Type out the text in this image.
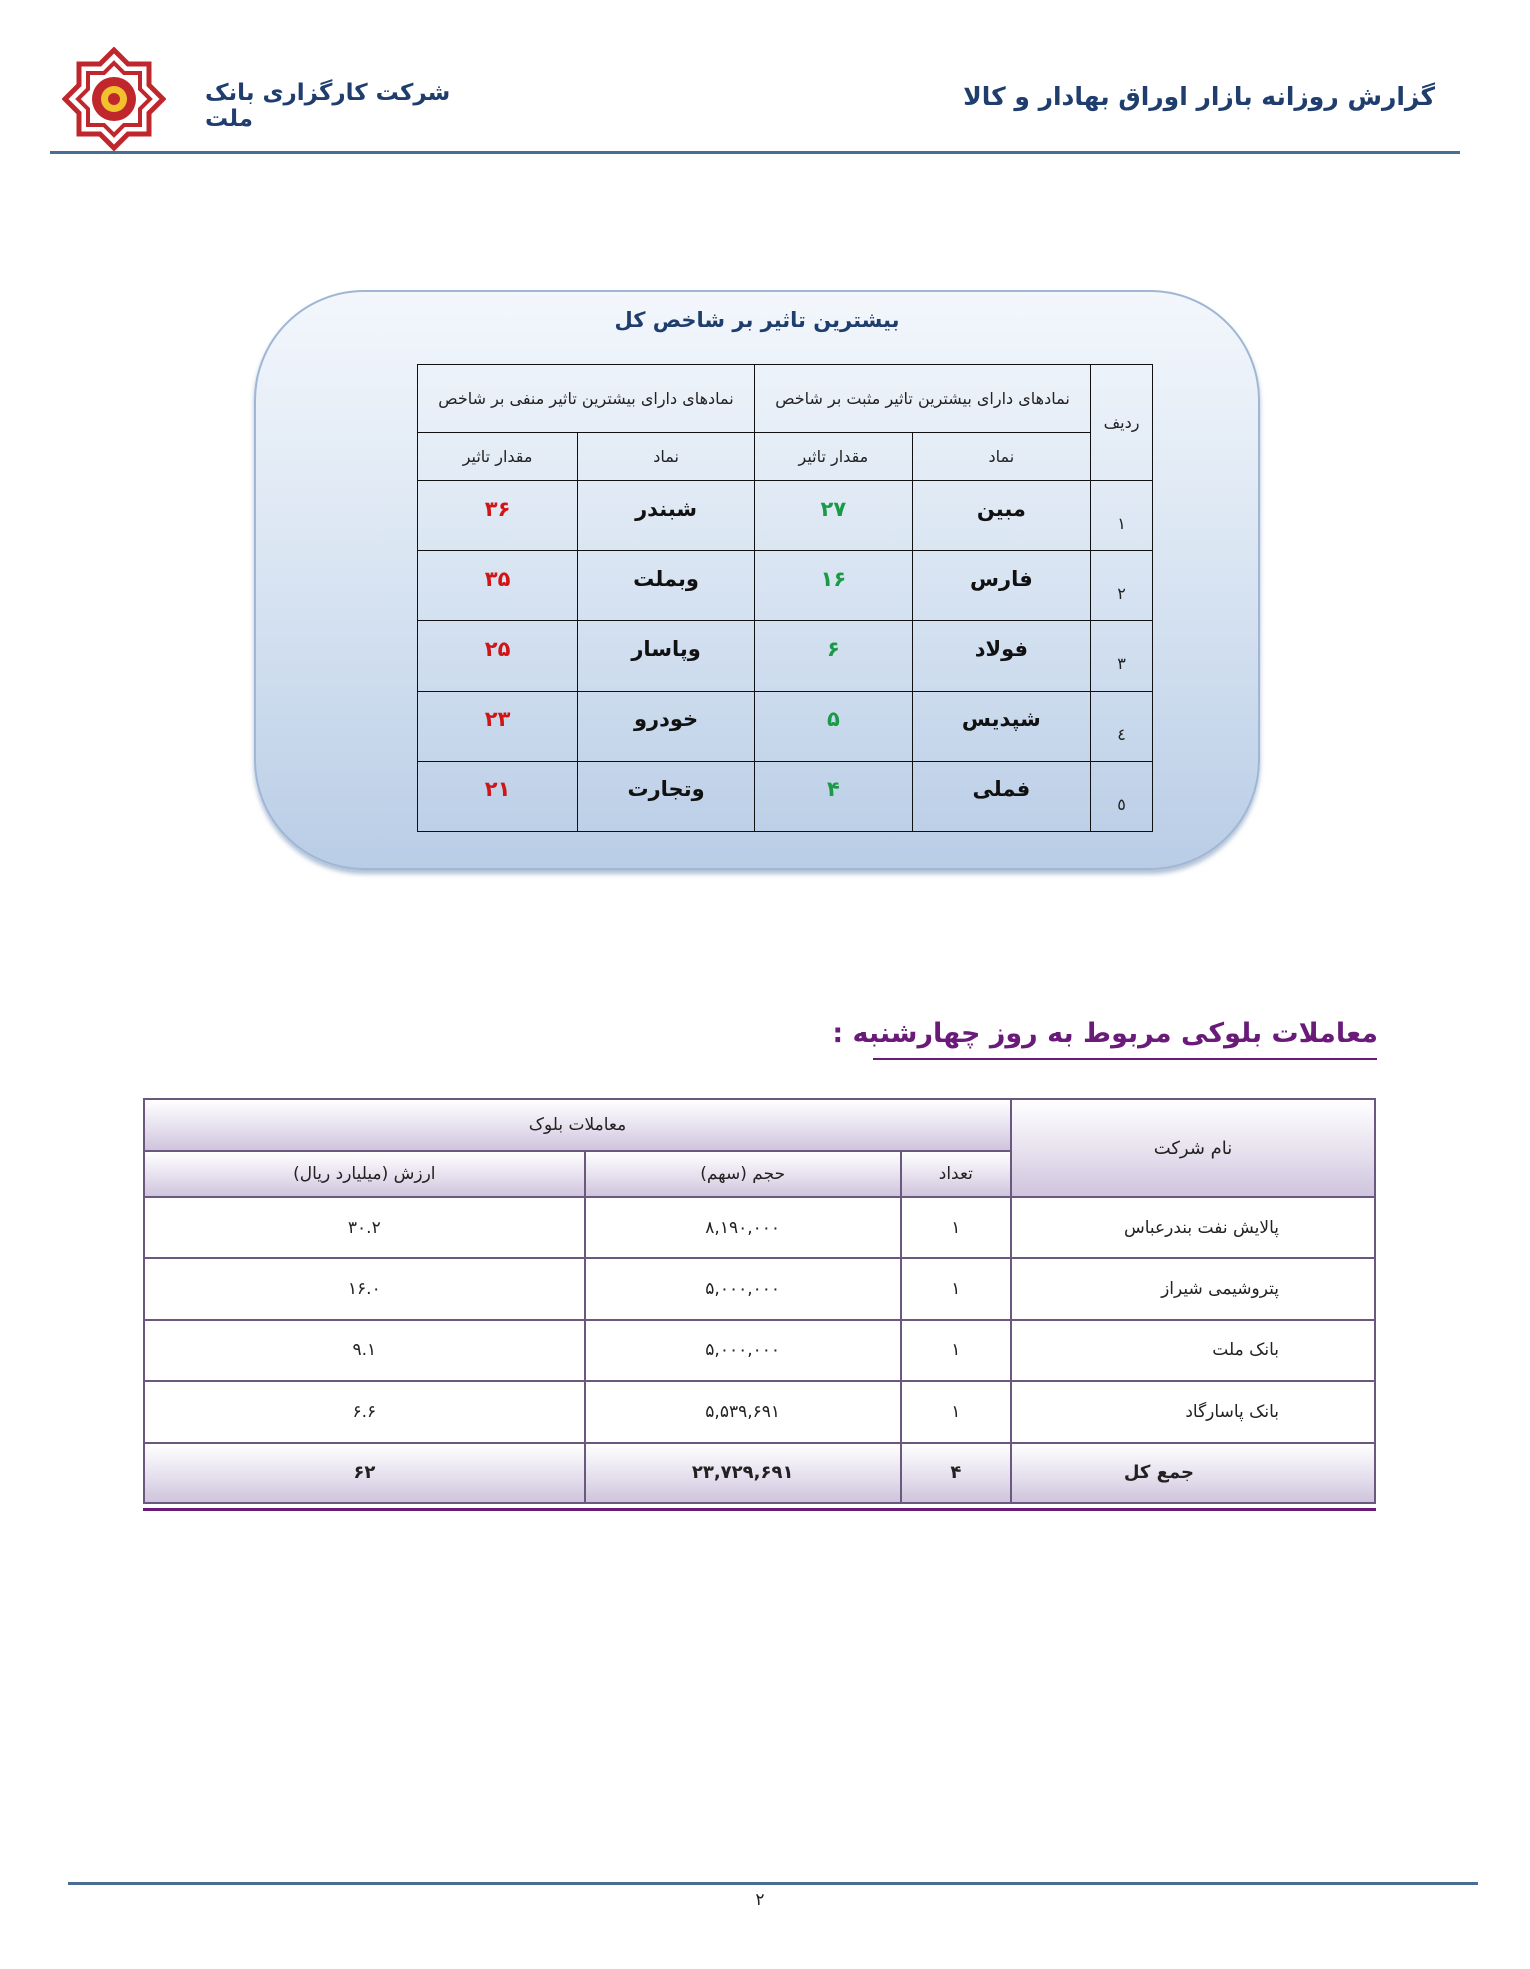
گزارش روزانه بازار اوراق بهادار و کالا
شرکت کارگزاری بانک ملت
بیشترین تاثیر بر شاخص کل
ردیف	نمادهای دارای بیشترین تاثیر مثبت بر شاخص		نمادهای دارای بیشترین تاثیر منفی بر شاخص	
	نماد	مقدار تاثیر	نماد	مقدار تاثیر
۱	مبین	۲۷	شبندر	۳۶
۲	فارس	۱۶	وبملت	۳۵
۳	فولاد	۶	وپاسار	۲۵
٤	شپدیس	۵	خودرو	۲۳
٥	فملی	۴	وتجارت	۲۱
معاملات بلوکی مربوط به روز چهارشنبه :
نام شرکت	معاملات بلوک		
	تعداد	حجم (سهم)	ارزش (میلیارد ریال)
پالایش نفت بندرعباس	۱	۸,۱۹۰,۰۰۰	۳۰.۲
پتروشیمی شیراز	۱	۵,۰۰۰,۰۰۰	۱۶.۰
بانک ملت	۱	۵,۰۰۰,۰۰۰	۹.۱
بانک پاسارگاد	۱	۵,۵۳۹,۶۹۱	۶.۶
جمع کل	۴	۲۳,۷۲۹,۶۹۱	۶۲
۲
